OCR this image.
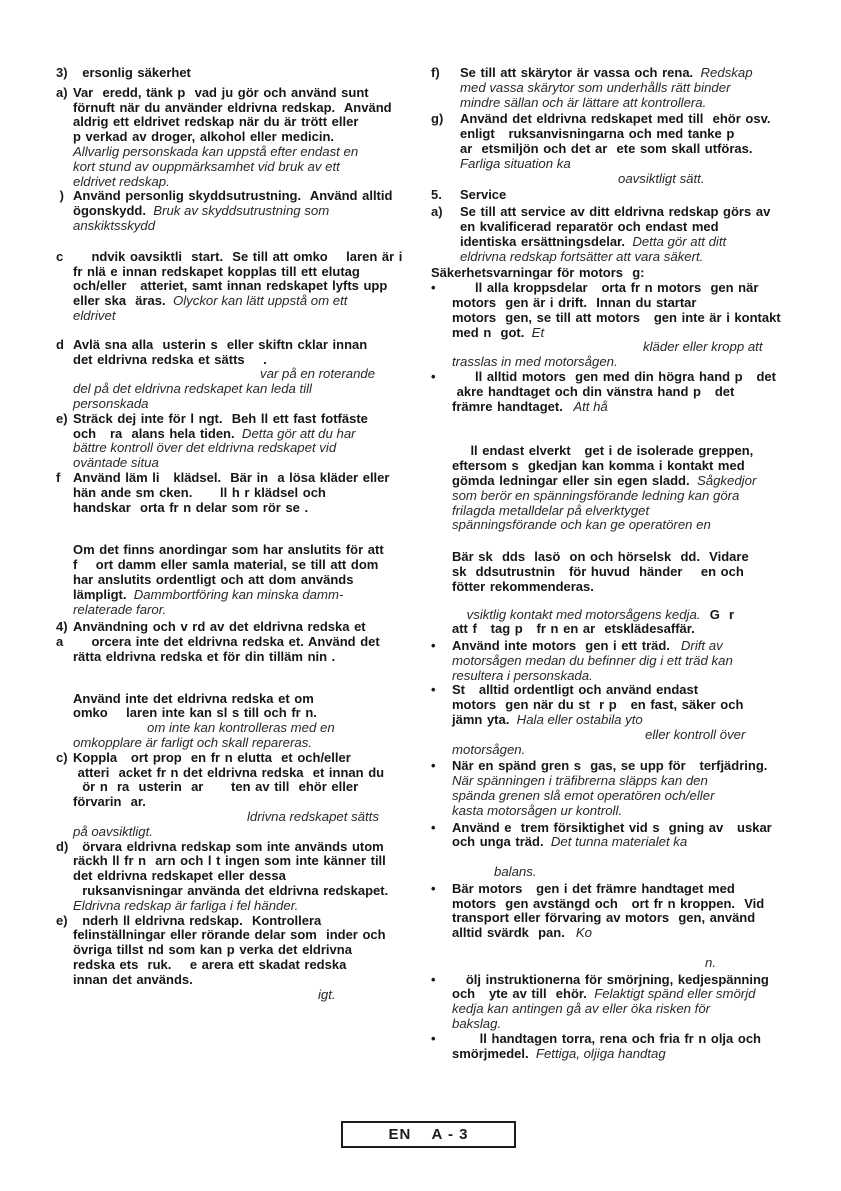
3) ersonlig säkerhet
a) Var  eredd, tänk p  vad ju gör och använd sunt
förnuft när du använder eldrivna redskap.  Använd
aldrig ett eldrivet redskap när du är trött eller
p verkad av droger, alkohol eller medicin.
Allvarlig personskada kan uppstå efter endast en
kort stund av ouppmärksamhet vid bruk av ett
eldrivet redskap.
) Använd personlig skyddsutrustning.  Använd alltid
ögonskydd.  Bruk av skyddsutrustning som
anskiktsskydd
c ndvik oavsiktli  start.  Se till att omko    laren är i
fr nlä e innan redskapet kopplas till ett elutag
och/eller   atteriet, samt innan redskapet lyfts upp
eller ska  äras.  Olyckor kan lätt uppstå om ett
eldrivet
d Avlä sna alla  usterin s  eller skiftn cklar innan
det eldrivna redska et sätts    .
var på en roterande
del på det eldrivna redskapet kan leda till
personskada
e) Sträck dej inte för l ngt.  Beh ll ett fast fotfäste
och   ra  alans hela tiden.  Detta gör att du har
bättre kontroll över det eldrivna redskapet vid
oväntade situa
f Använd läm li   klädsel.  Bär in  a lösa kläder eller
hän ande sm cken.      ll h r klädsel och
handskar  orta fr n delar som rör se .
Om det finns anordingar som har anslutits för att
f    ort damm eller samla material, se till att dom
har anslutits ordentligt och att dom används
lämpligt.  Dammbortföring kan minska damm-
relaterade faror.
4) Användning och v rd av det eldrivna redska et
a orcera inte det eldrivna redska et. Använd det
rätta eldrivna redska et för din tilläm nin .
Använd inte det eldrivna redska et om
omko    laren inte kan sl s till och fr n.
om inte kan kontrolleras med en
omkopplare är farligt och skall repareras.
c) Koppla   ort prop  en fr n elutta  et och/eller
atteri  acket fr n det eldrivna redska  et innan du
ör n  ra  usterin  ar      ten av till  ehör eller
förvarin  ar.
ldrivna redskapet sätts
på oavsiktligt.
d) örvara eldrivna redskap som inte används utom
räckh ll fr n  arn och l t ingen som inte känner till
det eldrivna redskapet eller dessa
ruksanvisningar använda det eldrivna redskapet.
Eldrivna redskap är farliga i fel händer.
e) nderh ll eldrivna redskap.  Kontrollera
felinställningar eller rörande delar som  inder och
övriga tillst nd som kan p verka det eldrivna
redska ets  ruk.    e arera ett skadat redska
innan det används.
igt.
f) Se till att skärytor är vassa och rena.  Redskap
med vassa skärytor som underhålls rätt binder
mindre sällan och är lättare att kontrollera.
g) Använd det eldrivna redskapet med till  ehör osv.
enligt   ruksanvisningarna och med tanke p
ar  etsmiljön och det ar  ete som skall utföras.
Farliga situation ka
oavsiktligt sätt.
5. Service
a) Se till att service av ditt eldrivna redskap görs av
en kvalificerad reparatör och endast med
identiska ersättningsdelar.  Detta gör att ditt
eldrivna redskap fortsätter att vara säkert.
Säkerhetsvarningar för motors  g:
• ll alla kroppsdelar   orta fr n motors  gen när
motors  gen är i drift.  Innan du startar
motors  gen, se till att motors   gen inte är i kontakt
med n  got.  Et
kläder eller kropp att
trasslas in med motorsågen.
• ll alltid motors  gen med din högra hand p   det
akre handtaget och din vänstra hand p   det
främre handtaget.   Att hå
ll endast elverkt   get i de isolerade greppen,
eftersom s  gkedjan kan komma i kontakt med
gömda ledningar eller sin egen sladd.  Sågkedjor
som berör en spänningsförande ledning kan göra
frilagda metalldelar på elverktyget
spänningsförande och kan ge operatören en
Bär sk  dds  lasö  on och hörselsk  dd.  Vidare
sk  ddsutrustnin   för huvud  händer    en och
fötter rekommenderas.
vsiktlig kontakt med motorsågens kedja.  G  r
att f   tag p   fr n en ar  etsklädesaffär.
• Använd inte motors  gen i ett träd.   Drift av
motorsågen medan du befinner dig i ett träd kan
resultera i personskada.
• St   alltid ordentligt och använd endast
motors  gen när du st  r p   en fast, säker och
jämn yta.  Hala eller ostabila yto
eller kontroll över
motorsågen.
• När en spänd gren s  gas, se upp för   terfjädring.
När spänningen i träfibrerna släpps kan den
spända grenen slå emot operatören och/eller
kasta motorsågen ur kontroll.
• Använd e  trem försiktighet vid s  gning av   uskar
och unga träd.  Det tunna materialet ka

balans.
• Bär motors   gen i det främre handtaget med
motors  gen avstängd och   ort fr n kroppen.  Vid
transport eller förvaring av motors  gen, använd
alltid svärdk  pan.   Ko

n.
• ölj instruktionerna för smörjning, kedjespänning
och   yte av till  ehör.  Felaktigt spänd eller smörjd
kedja kan antingen gå av eller öka risken för
bakslag.
• ll handtagen torra, rena och fria fr n olja och
smörjmedel.  Fettiga, oljiga handtag
EN    A - 3
